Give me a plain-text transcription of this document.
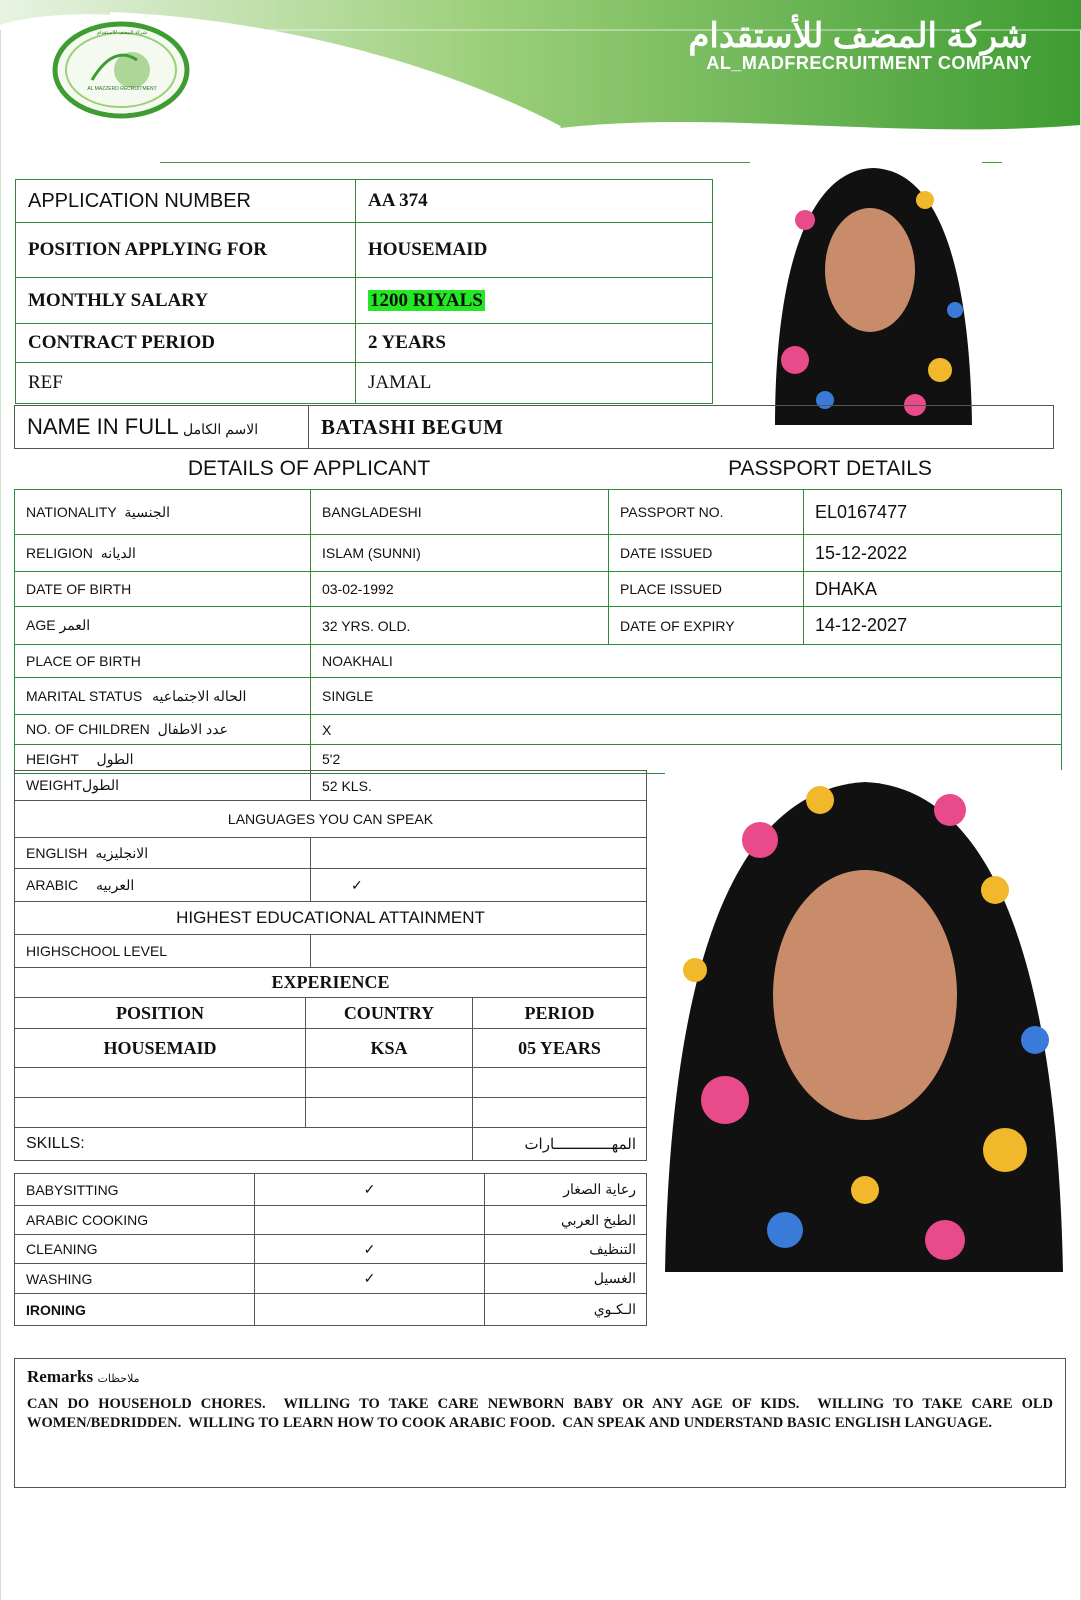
AL MAZZERD RECRUITMENT
شركة المضف للاستقدام	شركة المضف للأستقدام
AL_MADFRECRUITMENT COMPANY
APPLICATION NUMBER	AA 374
POSITION APPLYING FOR	HOUSEMAID
MONTHLY SALARY	1200 RIYALS
CONTRACT PERIOD	2 YEARS
REF	JAMAL
NAME IN FULL الاسم الكامل	BATASHI BEGUM
DETAILS OF APPLICANT	PASSPORT DETAILS
NATIONALITY الجنسية	BANGLADESHI	PASSPORT NO.	EL0167477
RELIGION الديانه	ISLAM (SUNNI)	DATE ISSUED	15-12-2022
DATE OF BIRTH	03-02-1992	PLACE ISSUED	DHAKA
AGE العمر	32 YRS. OLD.	DATE OF EXPIRY	14-12-2027
PLACE OF BIRTH	NOAKHALI		
MARITAL STATUS الحاله الاجتماعيه	SINGLE		
NO. OF CHILDREN عدد الاطفال	X		
HEIGHT الطول	5'2		
WEIGHTالطول	52 KLS.
LANGUAGES YOU CAN SPEAK	
ENGLISH الانجليزيه	
ARABIC العربيه	✓
HIGHEST EDUCATIONAL ATTAINMENT	
HIGHSCHOOL LEVEL	
EXPERIENCE		
POSITION	COUNTRY	PERIOD
HOUSEMAID	KSA	05 YEARS

SKILLS:		المهـــــــــــــارات
BABYSITTING	✓	رعاية الصغار
ARABIC COOKING		الطبخ العربي
CLEANING	✓	التنظيف
WASHING	✓	الغسيل
IRONING		الـكـوي
Remarks ملاحظات
CAN DO HOUSEHOLD CHORES.  WILLING TO TAKE CARE NEWBORN BABY OR ANY AGE OF KIDS.  WILLING TO TAKE CARE OLD WOMEN/BEDRIDDEN.  WILLING TO LEARN HOW TO COOK ARABIC FOOD.  CAN SPEAK AND UNDERSTAND BASIC ENGLISH LANGUAGE.
